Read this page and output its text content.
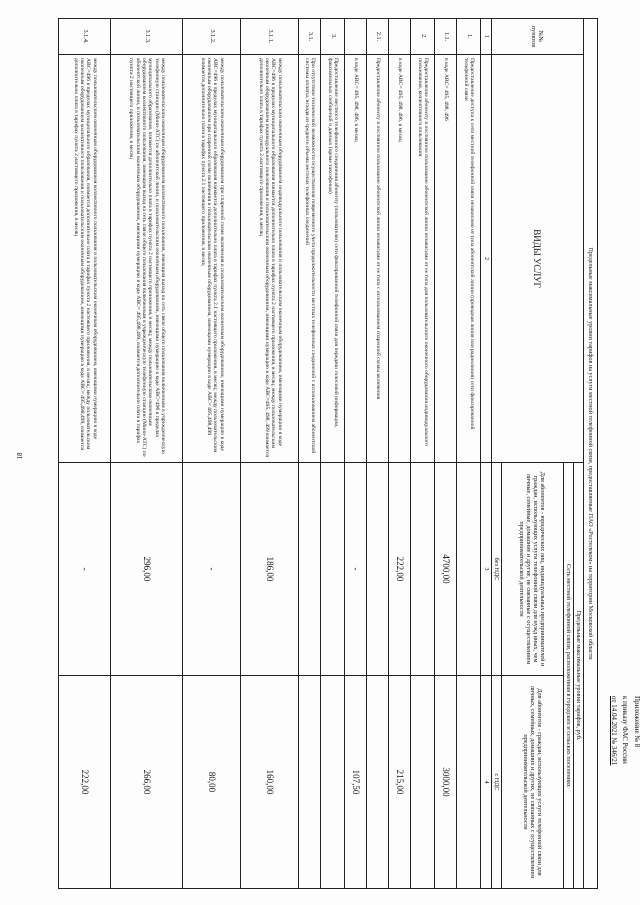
18
Приложение № 8
к приказу ФАС России
от 14.04.2021 № 346/21
Предельные максимальные уровни тарифов на услуги местной телефонной связи, предоставляемые ПАО «Ростелеком» на территории Московской области			
№№ пунктов	ВИДЫ УСЛУГ	Предельные максимальные уровни тарифов, руб.	
		Сеть местной телефонной связи, расположенная в городских и сельских поселениях	
		Для абонентов - юридических лиц, индивидуальных предпринимателей и граждан, использующих услуги телефонной связи для нужд иных, чем личные, семейные, домашние и другие, не связанные с осуществлением предпринимательской деятельности	Для абонентов - граждан, использующих услуги телефонной связи для личных, семейных, домашних и других, не связанных с осуществлением предпринимательской деятельности
		без НДС	с НДС
1	2	3	4
1.	Предоставление доступа к сети местной телефонной связи независимо от типа абонентской линии (проводная линия или радиолиния) сети фиксированной телефонной связи		
1.1.	в коде АВС= 495, 498, 496	4700,00	3000,00
2.	Предоставление абоненту в постоянное пользование абонентской линии независимо от ее типа для пользовательского оконечного оборудования индивидуального пользования, коллективного пользования		
	в коде АВС= 495, 498, 496, в месяц	222,00	215,00
2.1.	Предоставление абоненту в постоянное пользование абонентской линии независимо от ее типа с использованием спаренной схемы включения		
	в коде АВС= 495, 498, 496, в месяц	-	107,50
3.	Предоставление местного телефонного соединения абоненту (пользователю) сети фиксированной телефонной связи для передачи голосовой информации, факсимильных сообщений и данных (кроме таксофонов)		
3.1.	При отсутствии технической возможности осуществления повременного учета продолжительности местных телефонных соединений с использованием абонентской системы оплаты, исходя из среднего объема местных телефонных соединений		
3.1.1.	между пользовательским оконечным оборудованием индивидуального пользования и пользовательским оконечным оборудованием, имеющими нумерацию в коде АВС=496 в пределах муниципального образования взимается дополнительно плата в тарифах пункта 2 настоящего приложения, в месяц; между пользовательским оконечным оборудованием индивидуального пользования и пользовательским оконечным оборудованием, имеющими нумерацию в коде АВС=495, 498, 499 взимается дополнительно плата в тарифах пункта 2 настоящего приложения, в месяц	186,00	160,00
3.1.2.	между пользовательским оконечным оборудованием при спаренной схеме включения и пользовательским оконечным оборудованием, имеющими нумерацию в коде АВС=496 в пределах муниципального образования взимается дополнительно плата в тарифах пункта 2.1 настоящего приложения, в месяц; между пользовательским оконечным оборудованием при спаренной схеме включения и пользовательским оконечным оборудованием, имеющими нумерацию в коде АВС= 495,498,499 взимается дополнительно плата в тарифах пункта 2.1 настоящего приложения, в месяц	-	80,00
3.1.3.	между пользовательским оконечным оборудованием коллективного пользования, имеющим выход на сеть связи общего пользования включенным в учрежденческую телефонную станцию (Мини-АТС) по абонентской линии, и пользовательским оконечным оборудованием, имеющими нумерацию в коде АВС=496 в пределах муниципального образования, взимается дополнительно плата в тарифах пункта 2 настоящего приложения, в месяц; между пользовательским оконечным оборудованием коллективного пользования, имеющим выход на сеть связи общего пользования включенным в учрежденческую телефонную станцию (Мини-АТС) по абонентской линии, и пользовательским оконечным оборудованием, имеющими нумерацию в коде АВС= 495,498,499, взимается дополнительно плата в тарифах пункта 2 настоящего приложения, в месяц	296,00	266,00
3.1.4.	между пользовательским оконечным оборудованием коллективного пользования и пользовательским оконечным оборудованием, имеющими нумерацию в коде АВС=496 в пределах муниципального образования, взимается дополнительно плата в тарифах пункта 2 настоящего приложения, в месяц; между пользовательским оконечным оборудованием коллективного пользования и пользовательским оконечным оборудованием, имеющими нумерацию в коде АВС= 495,498,499, взимается дополнительно плата в тарифах пункта 2 настоящего приложения, в месяц	-	222,00
